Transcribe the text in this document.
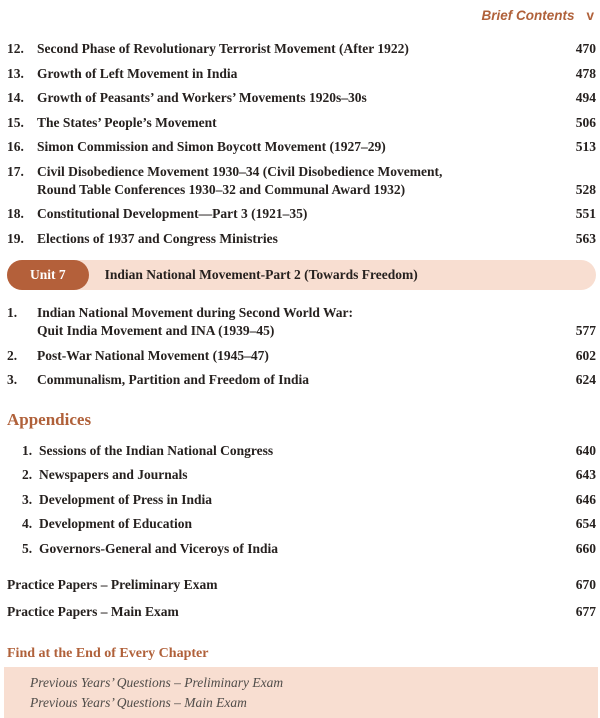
Brief Contents v
12. Second Phase of Revolutionary Terrorist Movement (After 1922)	470
13. Growth of Left Movement in India	478
14. Growth of Peasants’ and Workers’ Movements 1920s–30s	494
15. The States’ People’s Movement	506
16. Simon Commission and Simon Boycott Movement (1927–29)	513
17. Civil Disobedience Movement 1930–34 (Civil Disobedience Movement,
Round Table Conferences 1930–32 and Communal Award 1932)	528
18. Constitutional Development—Part 3 (1921–35)	551
19. Elections of 1937 and Congress Ministries	563
Unit 7	Indian National Movement-Part 2 (Towards Freedom)
1.	Indian National Movement during Second World War:
Quit India Movement and INA (1939–45)	577
2.	Post-War National Movement (1945–47)	602
3.	Communalism, Partition and Freedom of India	624
Appendices
1. Sessions of the Indian National Congress	640
2. Newspapers and Journals	643
3. Development of Press in India	646
4. Development of Education	654
5. Governors-General and Viceroys of India	660
Practice Papers – Preliminary Exam	670
Practice Papers – Main Exam	677
Find at the End of Every Chapter
Previous Years’ Questions – Preliminary Exam
Previous Years’ Questions – Main Exam
